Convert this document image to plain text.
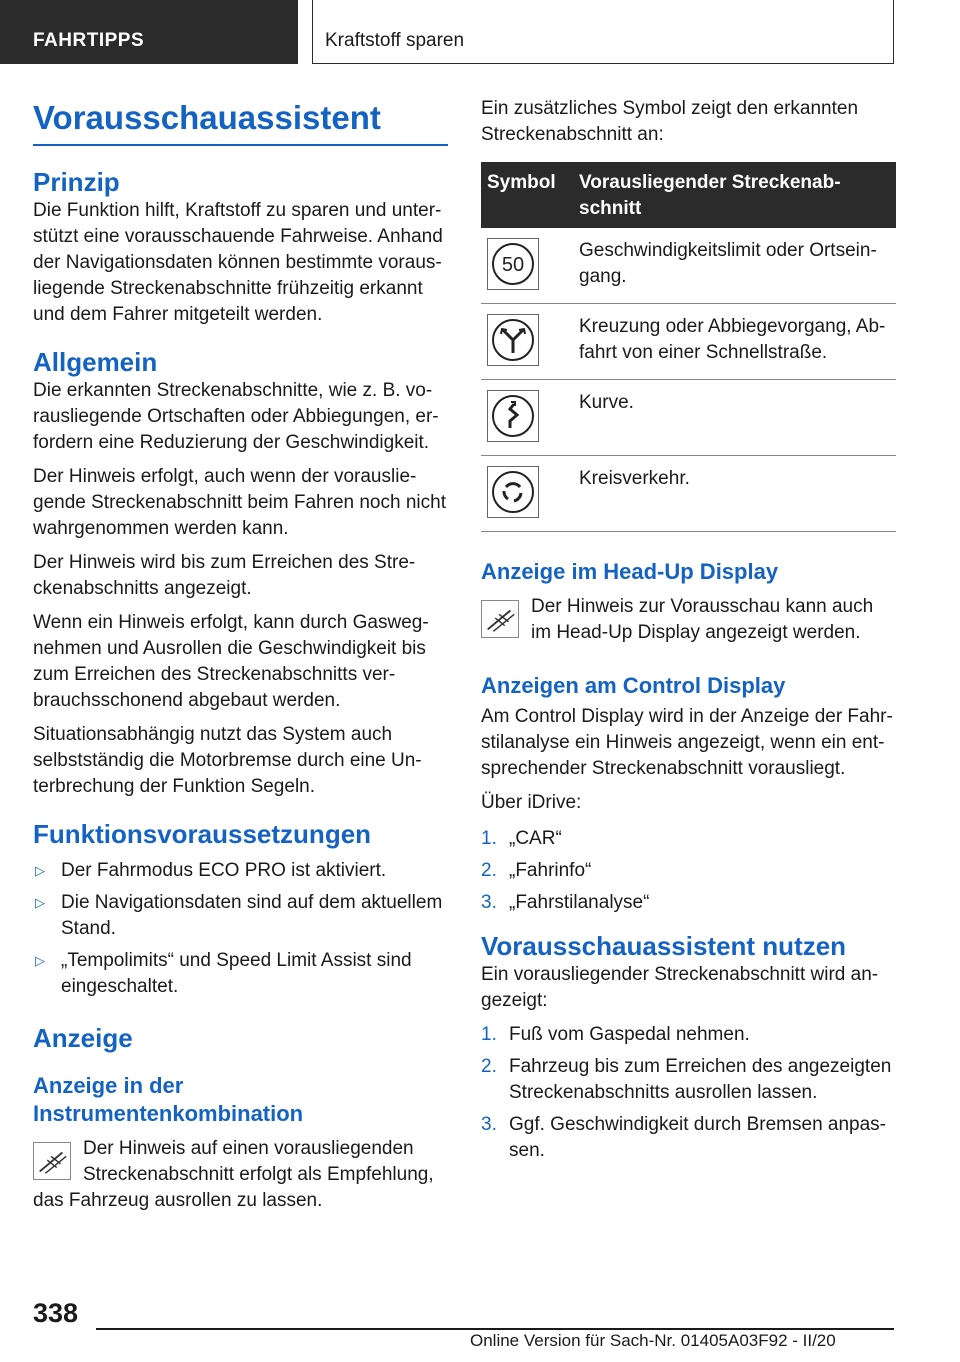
FAHRTIPPS	Kraftstoff sparen
Vorausschauassistent
Prinzip

Die Funktion hilft, Kraftstoff zu sparen und unter-stützt eine vorausschauende Fahrweise. Anhand der Navigationsdaten können bestimmte voraus-liegende Streckenabschnitte frühzeitig erkannt und dem Fahrer mitgeteilt werden.

Allgemein

Die erkannten Streckenabschnitte, wie z. B. vo-rausliegende Ortschaften oder Abbiegungen, er-fordern eine Reduzierung der Geschwindigkeit.

Der Hinweis erfolgt, auch wenn der vorauslie-gende Streckenabschnitt beim Fahren noch nicht wahrgenommen werden kann.

Der Hinweis wird bis zum Erreichen des Stre-ckenabschnitts angezeigt.

Wenn ein Hinweis erfolgt, kann durch Gasweg-nehmen und Ausrollen die Geschwindigkeit bis zum Erreichen des Streckenabschnitts ver-brauchsschonend abgebaut werden.

Situationsabhängig nutzt das System auch selbstständig die Motorbremse durch eine Un-terbrechung der Funktion Segeln.

Funktionsvoraussetzungen
▷ Der Fahrmodus ECO PRO ist aktiviert.
▷ Die Navigationsdaten sind auf dem aktuellem Stand.
▷ „Tempolimits“ und Speed Limit Assist sind eingeschaltet.
Anzeige
Anzeige in der Instrumentenkombination
Der Hinweis auf einen vorausliegenden Streckenabschnitt erfolgt als Empfehlung, das Fahrzeug ausrollen zu lassen.

Ein zusätzliches Symbol zeigt den erkannten Streckenabschnitt an:

Symbol	Vorausliegender Streckenab-schnitt

50	Geschwindigkeitslimit oder Ortsein-gang.

	Kreuzung oder Abbiegevorgang, Ab-fahrt von einer Schnellstraße.

	Kurve.

	Kreisverkehr.
Anzeige im Head-Up Display
Der Hinweis zur Vorausschau kann auch im Head-Up Display angezeigt werden.
Anzeigen am Control Display

Am Control Display wird in der Anzeige der Fahr-stilanalyse ein Hinweis angezeigt, wenn ein ent-sprechender Streckenabschnitt vorausliegt.

Über iDrive:

1. „CAR“
2. „Fahrinfo“
3. „Fahrstilanalyse“
Vorausschauassistent nutzen

Ein vorausliegender Streckenabschnitt wird an-gezeigt:

1. Fuß vom Gaspedal nehmen.
2. Fahrzeug bis zum Erreichen des angezeigten Streckenabschnitts ausrollen lassen.
3. Ggf. Geschwindigkeit durch Bremsen anpas-sen.
338
Online Version für Sach-Nr. 01405A03F92 - II/20
